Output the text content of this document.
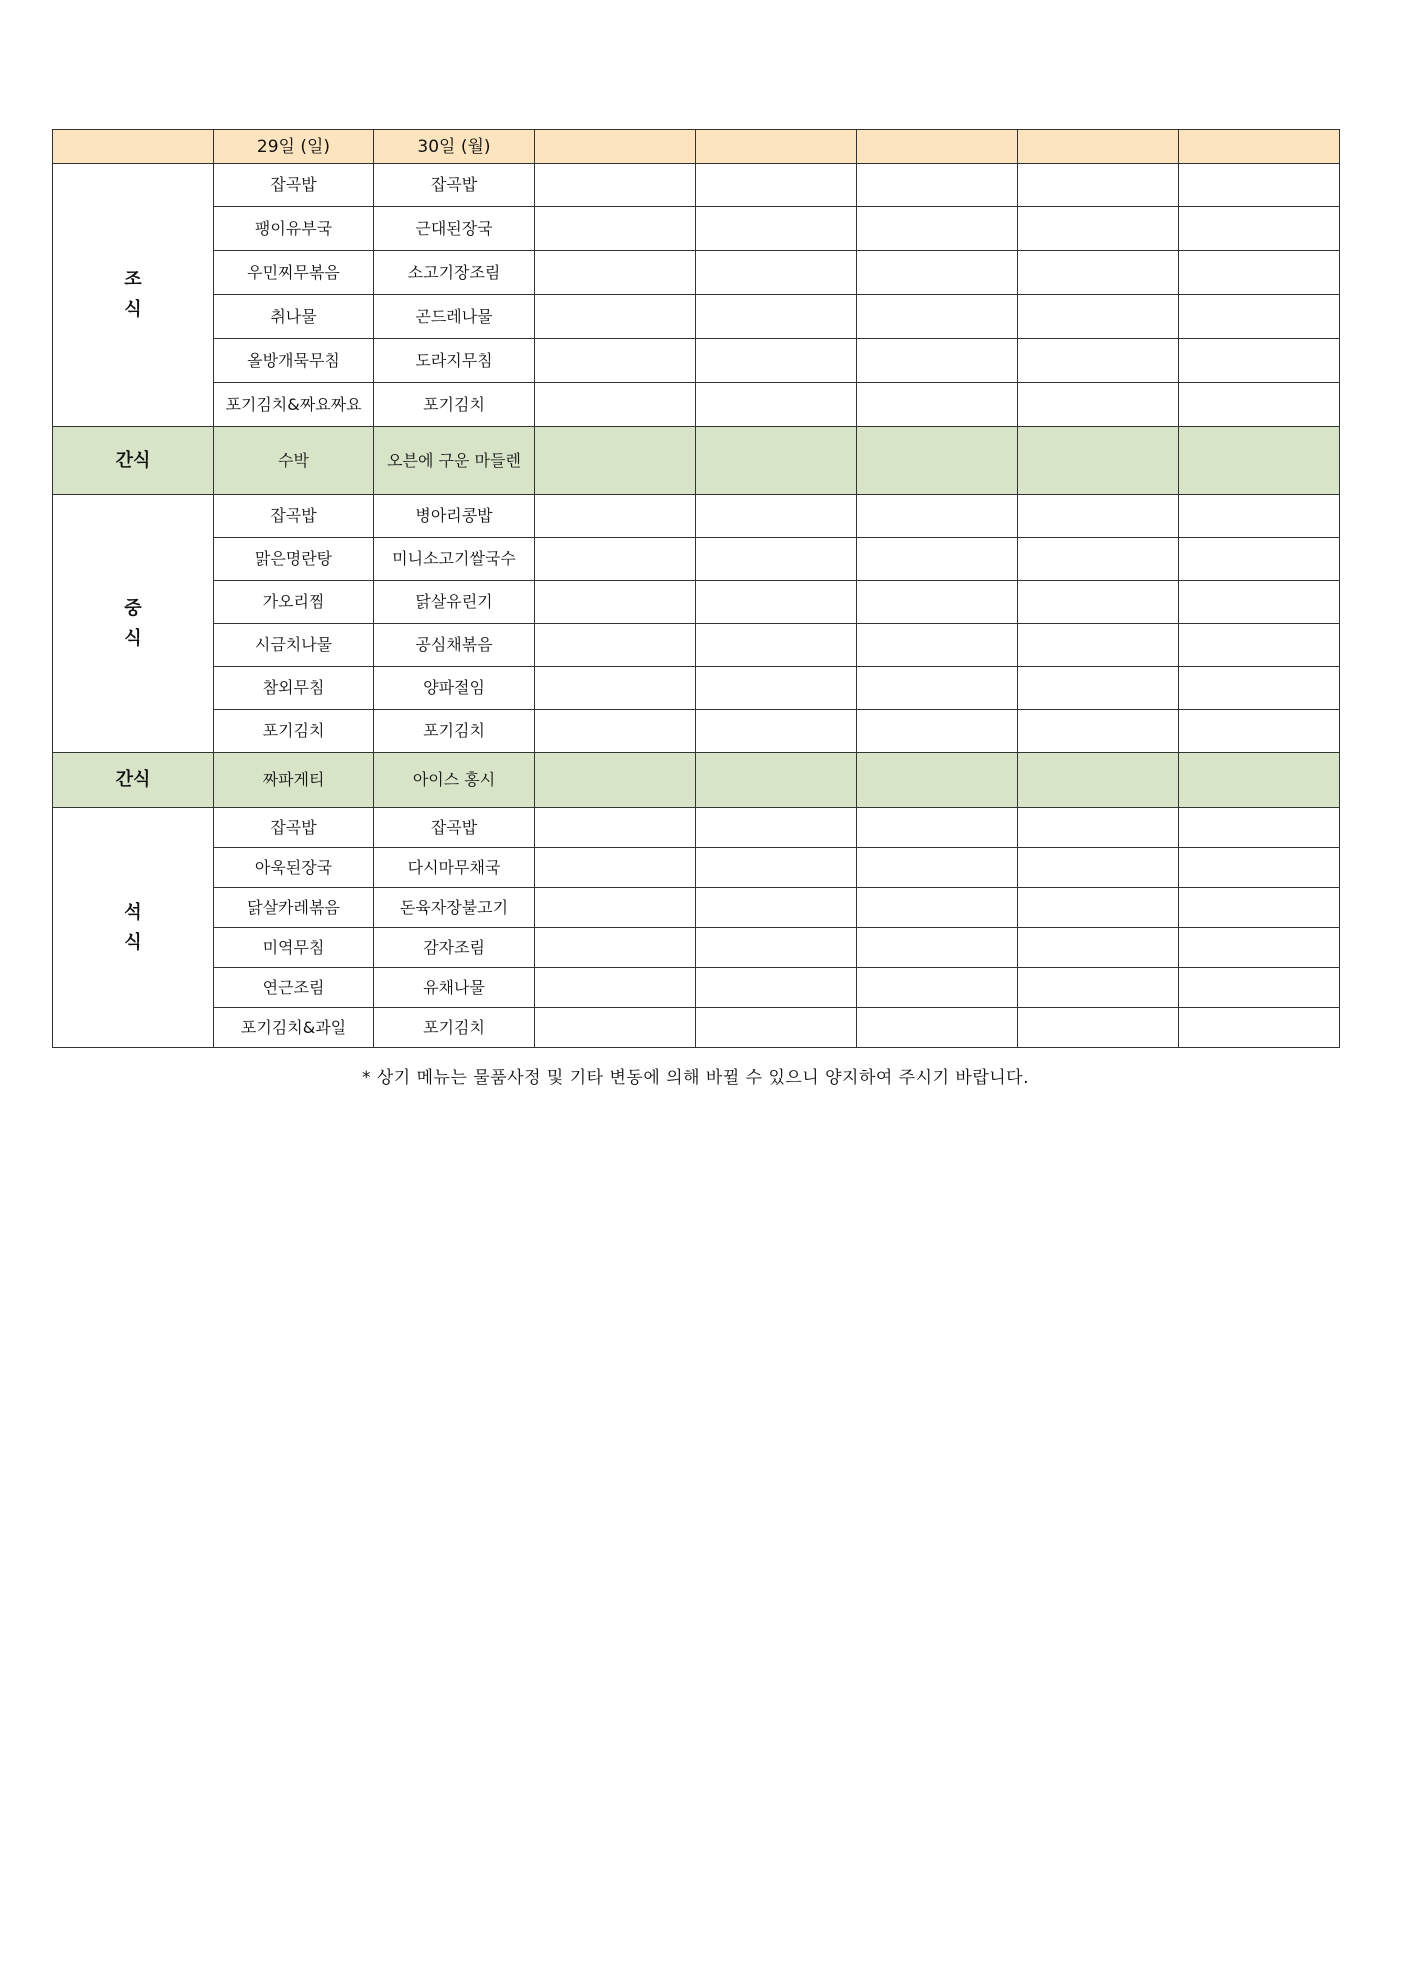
	29일 (일)	30일 (월)					

조
식	잡곡밥	잡곡밥					
	팽이유부국	근대된장국					
	우민찌무볶음	소고기장조림					
	취나물	곤드레나물					
	올방개묵무침	도라지무침					
	포기김치&짜요짜요	포기김치					

간식	수박	오븐에 구운 마들렌					

중
식	잡곡밥	병아리콩밥					
	맑은명란탕	미니소고기쌀국수					
	가오리찜	닭살유린기					
	시금치나물	공심채볶음					
	참외무침	양파절임					
	포기김치	포기김치					

간식	짜파게티	아이스 홍시					

석
식	잡곡밥	잡곡밥					
	아욱된장국	다시마무채국					
	닭살카레볶음	돈육자장불고기					
	미역무침	감자조림					
	연근조림	유채나물					
	포기김치&과일	포기김치					
* 상기 메뉴는 물품사정 및 기타 변동에 의해 바뀔 수 있으니 양지하여 주시기 바랍니다.
